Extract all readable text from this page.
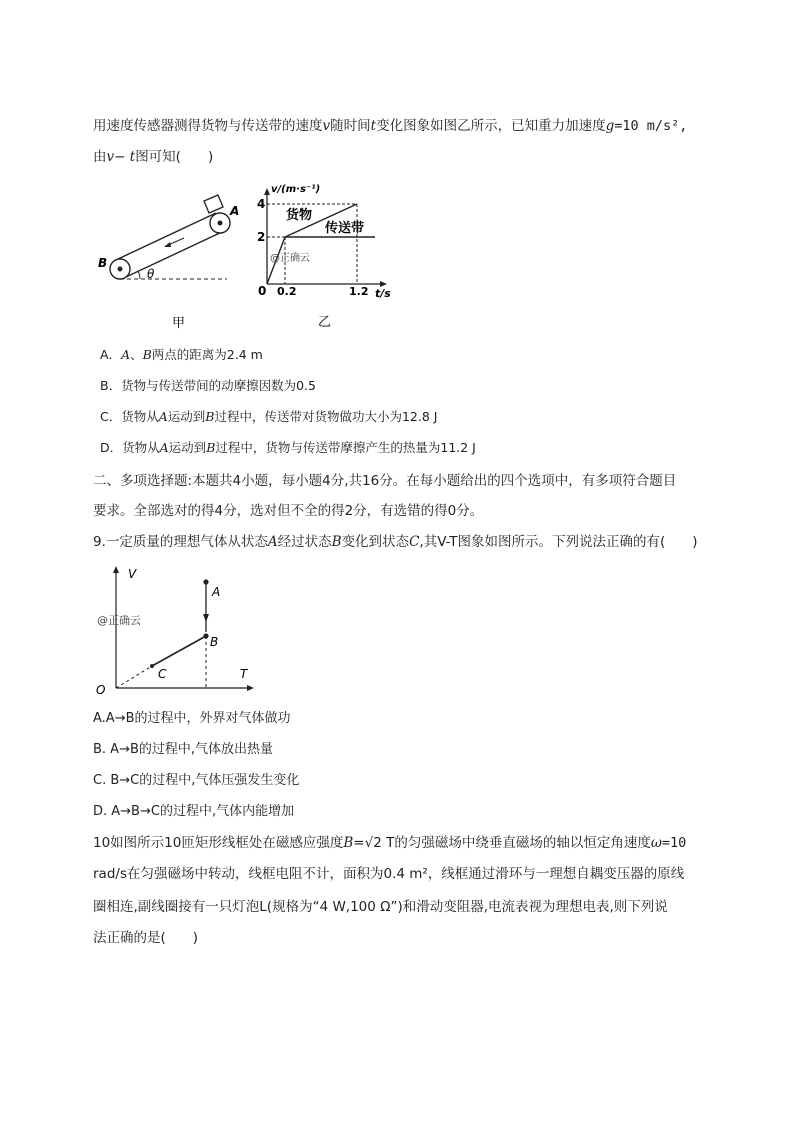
用速度传感器测得货物与传送带的速度v随时间t变化图象如图乙所示，已知重力加速度g=10 m/s²,
由v− t图可知(　　)
A
B
θ
甲
v/(m·s⁻¹)
t/s
4
2
0 0.2	1.2
货物
传送带
@正确云
乙
A．A、B两点的距离为2.4 m
B．货物与传送带间的动摩擦因数为0.5
C．货物从A运动到B过程中，传送带对货物做功大小为12.8 J
D．货物从A运动到B过程中，货物与传送带摩擦产生的热量为11.2 J
二、多项选择题:本题共4小题，每小题4分,共16分。在每小题给出的四个选项中，有多项符合题目
要求。全部选对的得4分，选对但不全的得2分，有选错的得0分。
9.一定质量的理想气体从状态A经过状态B变化到状态C,其V-T图象如图所示。下列说法正确的有(　　)
V
T
O
A
B
C
@正确云
A.A→B的过程中，外界对气体做功
B. A→B的过程中,气体放出热量
C. B→C的过程中,气体压强发生变化
D. A→B→C的过程中,气体内能增加
10如图所示10匝矩形线框处在磁感应强度B=√2 T的匀强磁场中绕垂直磁场的轴以恒定角速度ω=10
rad/s在匀强磁场中转动，线框电阻不计，面积为0.4 m²，线框通过滑环与一理想自耦变压器的原线
圈相连,副线圈接有一只灯泡L(规格为“4 W,100 Ω”)和滑动变阻器,电流表视为理想电表,则下列说
法正确的是(　　)
